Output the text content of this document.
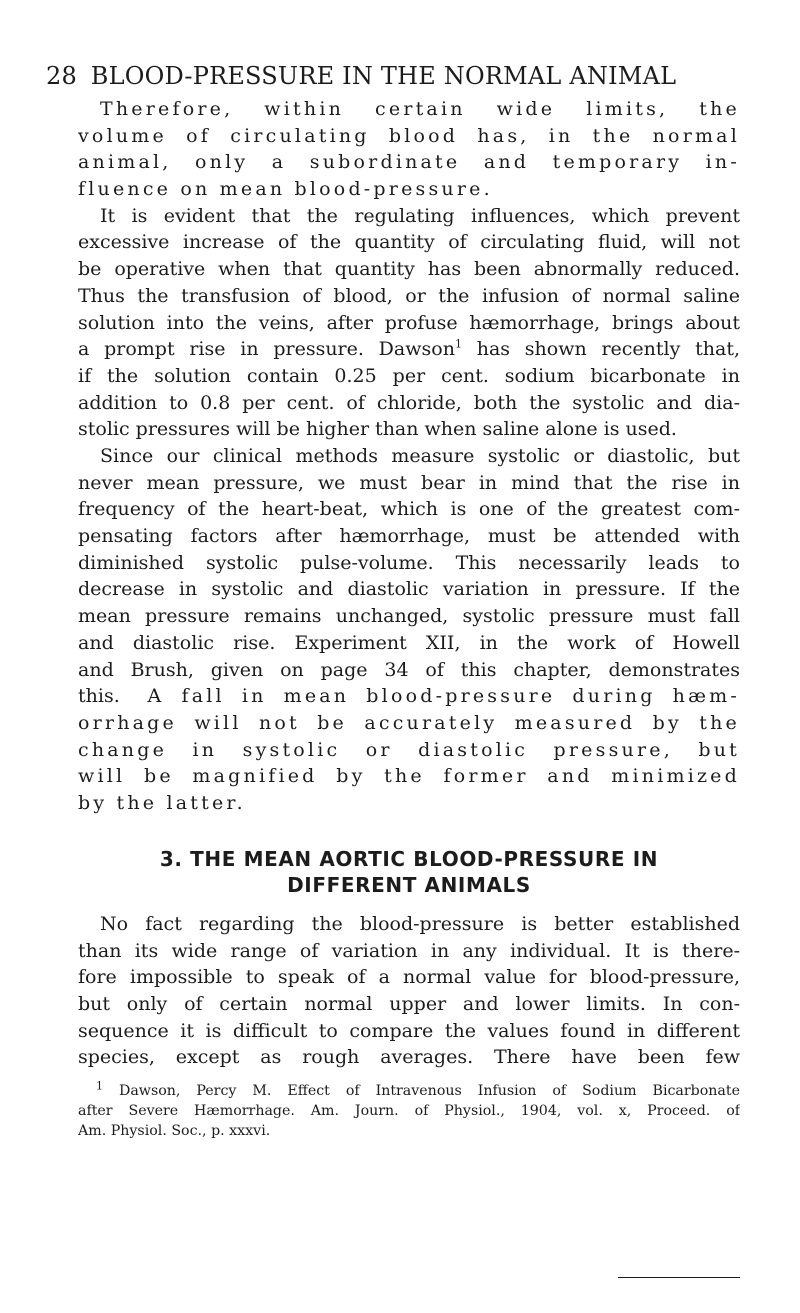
28 BLOOD-PRESSURE IN THE NORMAL ANIMAL
Therefore, within certain wide limits, the
volume of circulating blood has, in the normal
animal, only a subordinate and temporary in-
fluence on mean blood-pressure.
It is evident that the regulating influences, which prevent
excessive increase of the quantity of circulating fluid, will not
be operative when that quantity has been abnormally reduced.
Thus the transfusion of blood, or the infusion of normal saline
solution into the veins, after profuse hæmorrhage, brings about
a prompt rise in pressure. Dawson$^1$ has shown recently that,
if the solution contain 0.25 per cent. sodium bicarbonate in
addition to 0.8 per cent. of chloride, both the systolic and dia-
stolic pressures will be higher than when saline alone is used.
Since our clinical methods measure systolic or diastolic, but
never mean pressure, we must bear in mind that the rise in
frequency of the heart-beat, which is one of the greatest com-
pensating factors after hæmorrhage, must be attended with
diminished systolic pulse-volume. This necessarily leads to
decrease in systolic and diastolic variation in pressure. If the
mean pressure remains unchanged, systolic pressure must fall
and diastolic rise. Experiment XII, in the work of Howell
and Brush, given on page 34 of this chapter, demonstrates
this. A fall in mean blood-pressure during hæm-
orrhage will not be accurately measured by the
change in systolic or diastolic pressure, but
will be magnified by the former and minimized
by the latter.
3. THE MEAN AORTIC BLOOD-PRESSURE IN
DIFFERENT ANIMALS
No fact regarding the blood-pressure is better established
than its wide range of variation in any individual. It is there-
fore impossible to speak of a normal value for blood-pressure,
but only of certain normal upper and lower limits. In con-
sequence it is difficult to compare the values found in different
species, except as rough averages. There have been few
$^1$ Dawson, Percy M. Effect of Intravenous Infusion of Sodium Bicarbonate
after Severe Hæmorrhage. Am. Journ. of Physiol., 1904, vol. x, Proceed. of
Am. Physiol. Soc., p. xxxvi.
